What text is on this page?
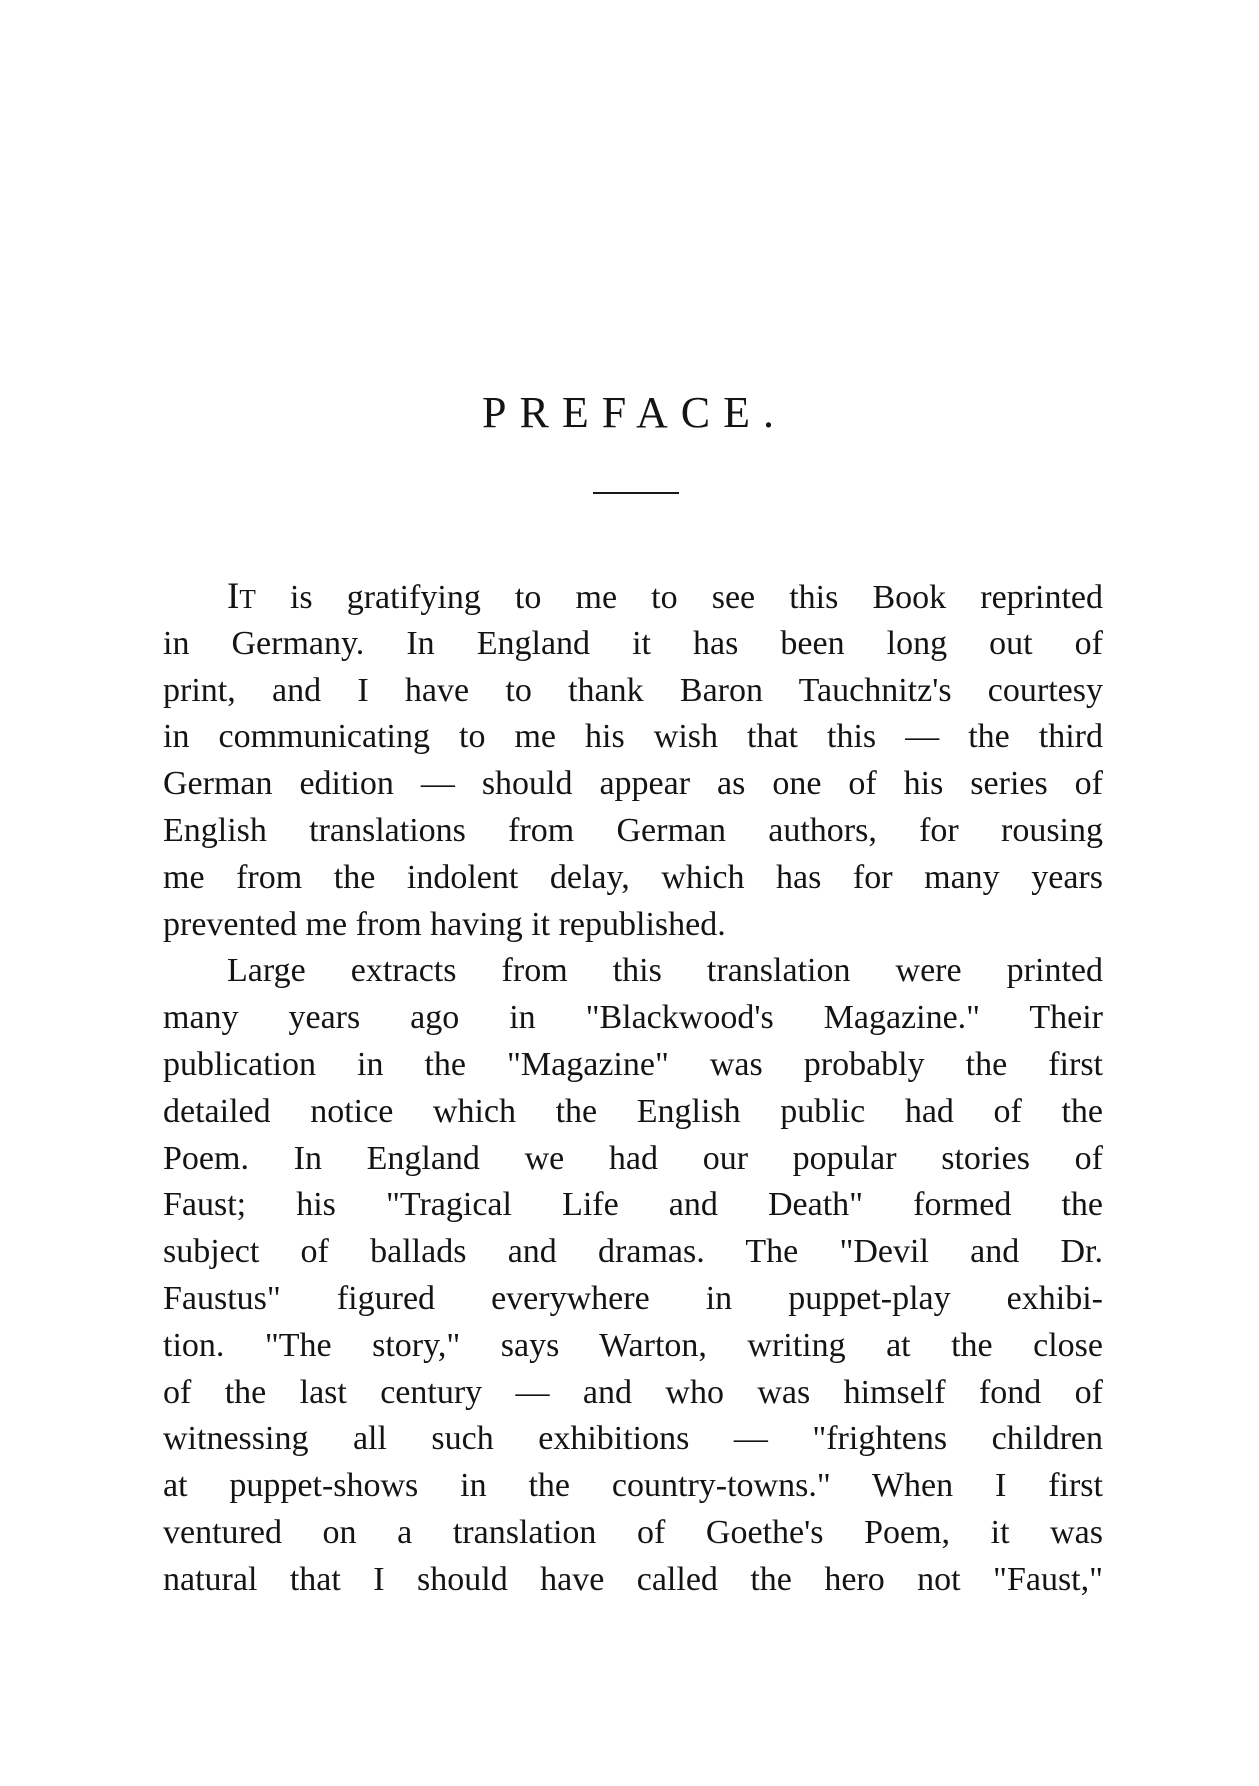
PREFACE.
IT is gratifying to me to see this Book reprinted
in Germany. In England it has been long out of
print, and I have to thank Baron Tauchnitz's courtesy
in communicating to me his wish that this — the third
German edition — should appear as one of his series of
English translations from German authors, for rousing
me from the indolent delay, which has for many years
prevented me from having it republished.
Large extracts from this translation were printed
many years ago in "Blackwood's Magazine." Their
publication in the "Magazine" was probably the first
detailed notice which the English public had of the
Poem. In England we had our popular stories of
Faust; his "Tragical Life and Death" formed the
subject of ballads and dramas. The "Devil and Dr.
Faustus" figured everywhere in puppet-play exhibi-
tion. "The story," says Warton, writing at the close
of the last century — and who was himself fond of
witnessing all such exhibitions — "frightens children
at puppet-shows in the country-towns." When I first
ventured on a translation of Goethe's Poem, it was
natural that I should have called the hero not "Faust,"
